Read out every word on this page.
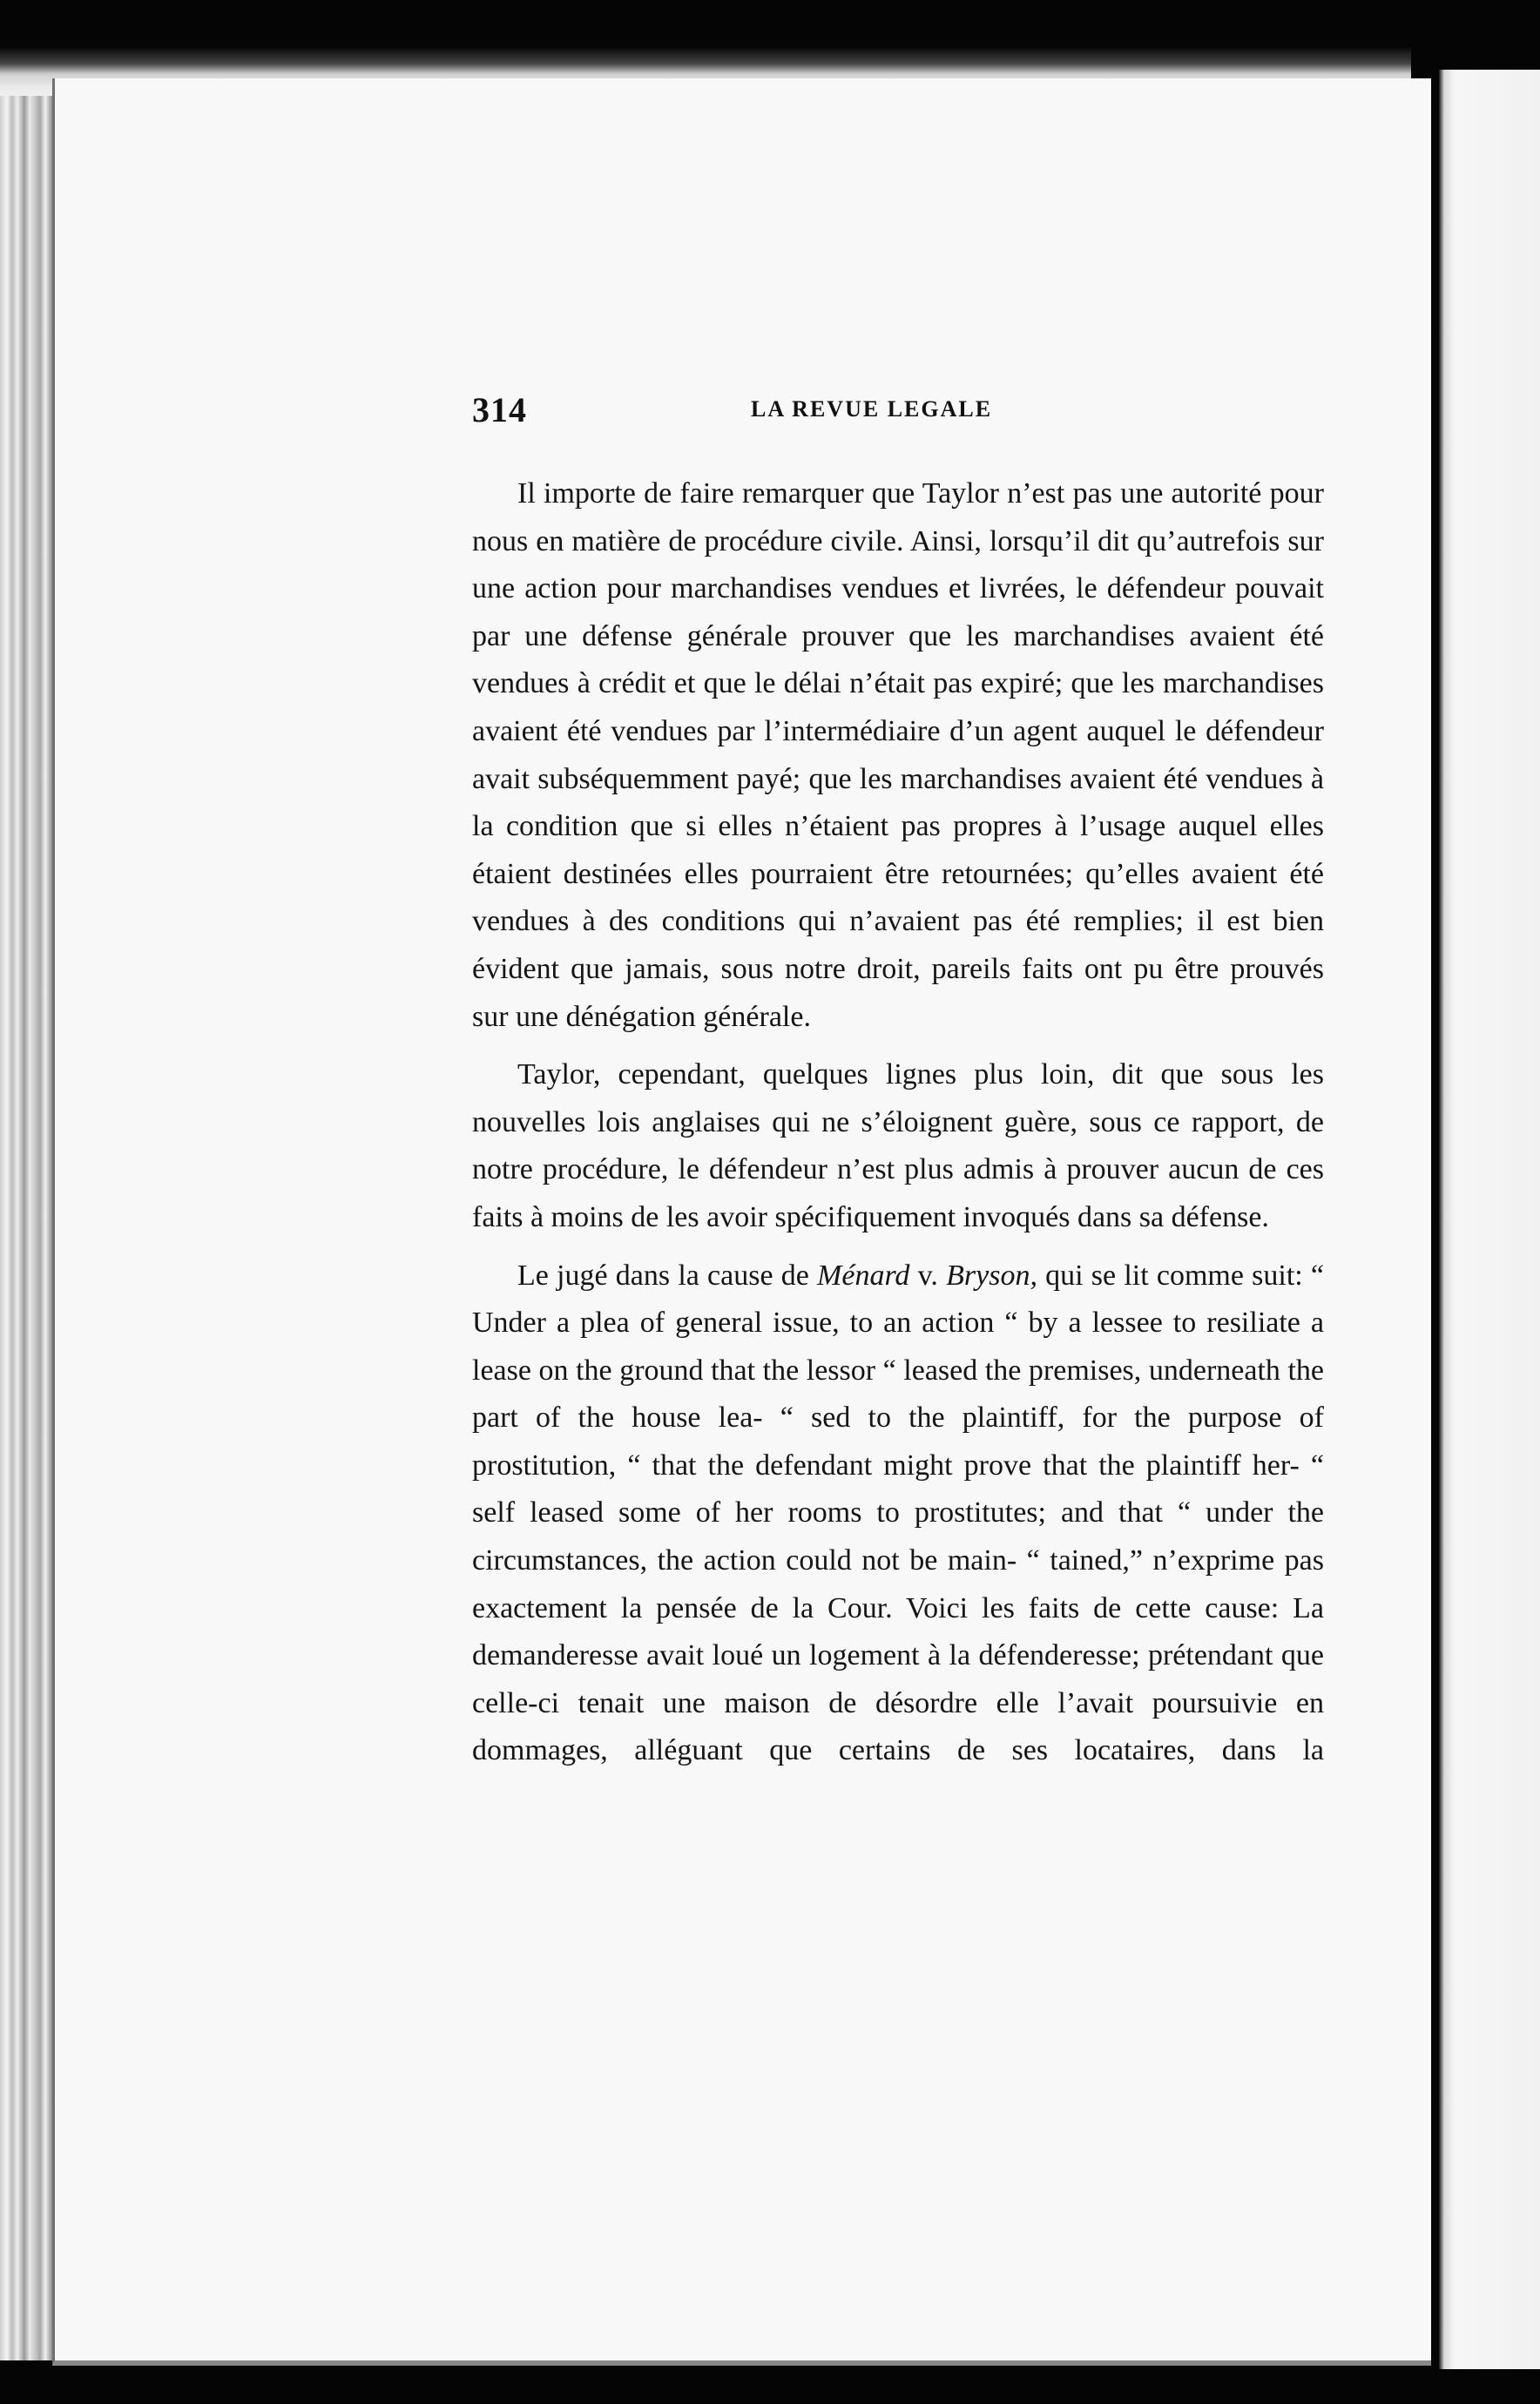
314	LA REVUE LEGALE

Il importe de faire remarquer que Taylor n’est pas une autorité pour nous en matière de procédure civile. Ainsi, lorsqu’il dit qu’autrefois sur une action pour marchandises vendues et livrées, le défendeur pouvait par une défense générale prouver que les marchandises avaient été vendues à crédit et que le délai n’était pas expiré; que les marchandises avaient été vendues par l’intermédiaire d’un agent auquel le défendeur avait subséquemment payé; que les marchandises avaient été vendues à la condition que si elles n’étaient pas propres à l’usage auquel elles étaient destinées elles pourraient être retournées; qu’elles avaient été vendues à des conditions qui n’avaient pas été remplies; il est bien évident que jamais, sous notre droit, pareils faits ont pu être prouvés sur une dénégation générale.

Taylor, cependant, quelques lignes plus loin, dit que sous les nouvelles lois anglaises qui ne s’éloignent guère, sous ce rapport, de notre procédure, le défendeur n’est plus admis à prouver aucun de ces faits à moins de les avoir spécifiquement invoqués dans sa défense.

Le jugé dans la cause de Ménard v. Bryson, qui se lit comme suit: “ Under a plea of general issue, to an action “ by a lessee to resiliate a lease on the ground that the lessor “ leased the premises, underneath the part of the house lea- “ sed to the plaintiff, for the purpose of prostitution, “ that the defendant might prove that the plaintiff her- “ self leased some of her rooms to prostitutes; and that “ under the circumstances, the action could not be main- “ tained,” n’exprime pas exactement la pensée de la Cour. Voici les faits de cette cause: La demanderesse avait loué un logement à la défenderesse; prétendant que celle-ci tenait une maison de désordre elle l’avait poursuivie en dommages, alléguant que certains de ses locataires, dans la
